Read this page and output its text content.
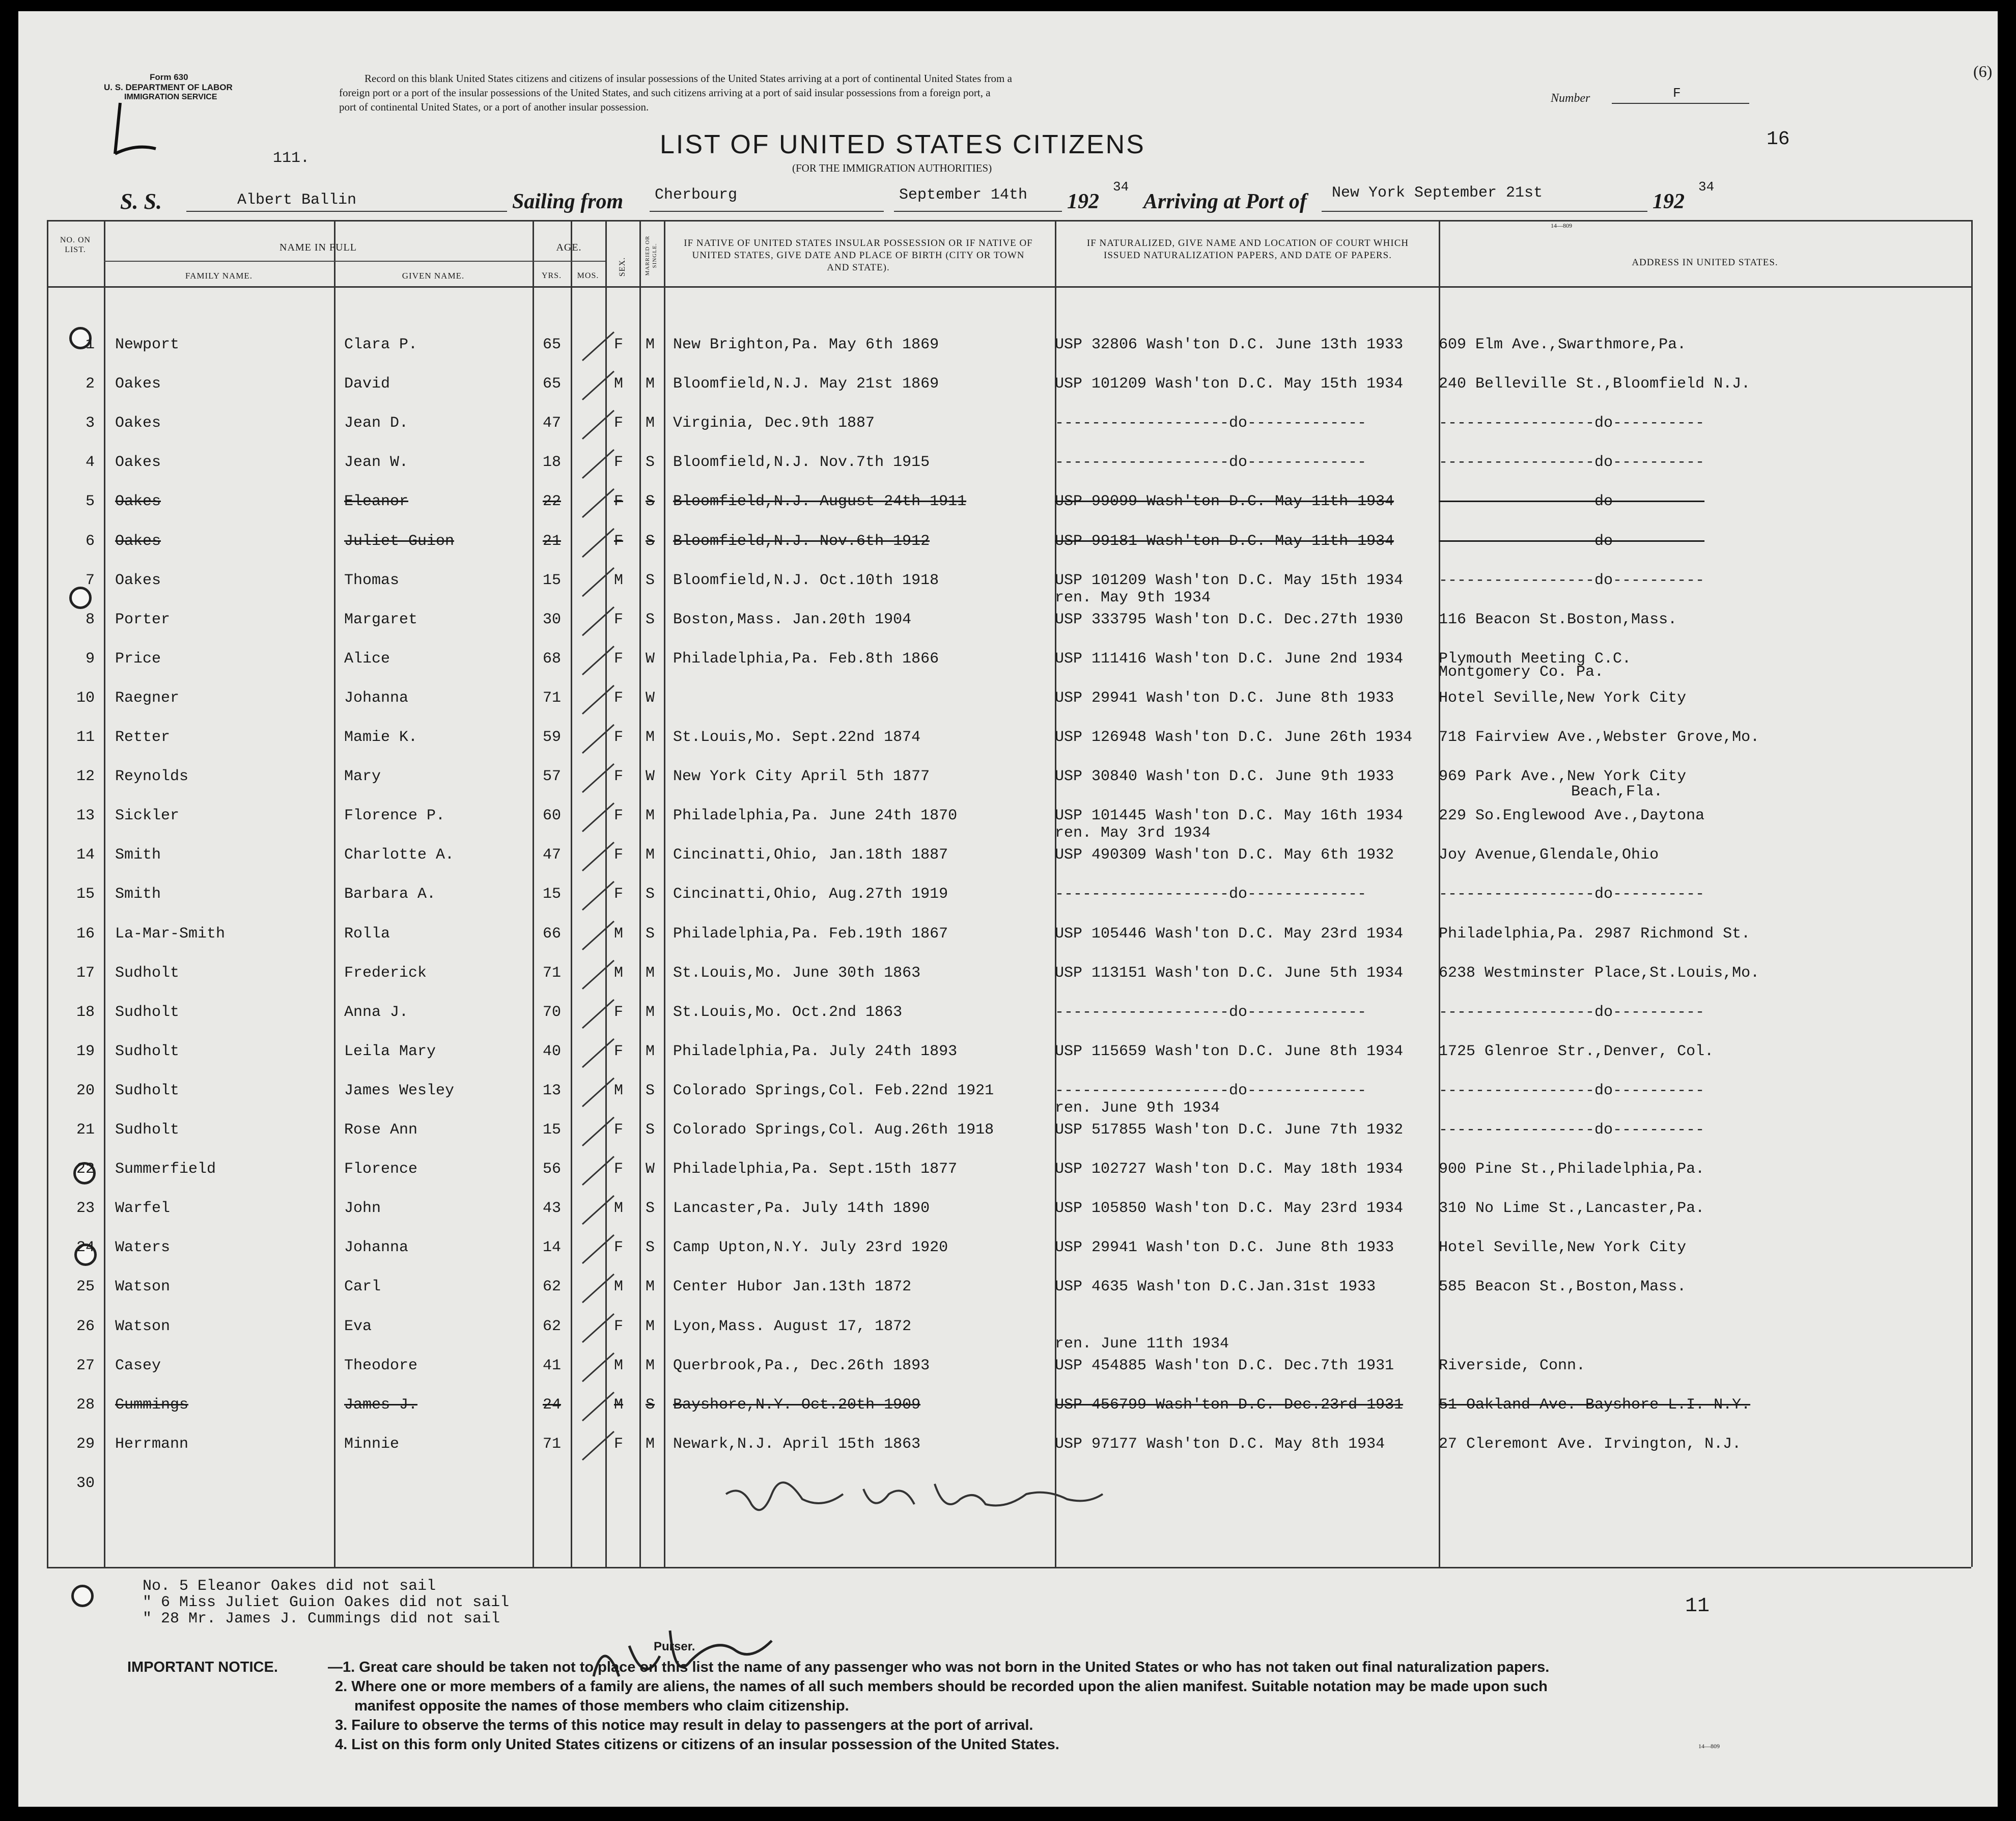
Form 630
U. S. DEPARTMENT OF LABOR
IMMIGRATION SERVICE
Record on this blank United States citizens and citizens of insular possessions of the United States arriving at a port of continental United States from a
foreign port or a port of the insular possessions of the United States, and such citizens arriving at a port of said insular possessions from a foreign port, a
port of continental United States, or a port of another insular possession.
Number	F
(6)
16
111.	LIST OF UNITED STATES CITIZENS
(FOR THE IMMIGRATION AUTHORITIES)
S. S.	Albert Ballin	Sailing from Cherbourg	September 14th 192
34
Arriving at Port of New York September 21st	192
34
14—809
NO. ON LIST.	NAME IN FULL
FAMILY NAME.	GIVEN NAME.
AGE.
YRS.	MOS.	SEX.	MARRIED OR SINGLE.
IF NATIVE OF UNITED STATES INSULAR POSSESSION OR IF NATIVE OF UNITED STATES, GIVE DATE AND PLACE OF BIRTH (CITY OR TOWN AND STATE).
IF NATURALIZED, GIVE NAME AND LOCATION OF COURT WHICH ISSUED NATURALIZATION PAPERS, AND DATE OF PAPERS.
ADDRESS IN UNITED STATES.
1 Newport	Clara P.	65	F M New Brighton,Pa. May 6th 1869	USP 32806 Wash'ton D.C. June 13th 1933 609 Elm Ave.,Swarthmore,Pa.
2 Oakes	David	65	M M Bloomfield,N.J. May 21st 1869	USP 101209 Wash'ton D.C. May 15th 1934 240 Belleville St.,Bloomfield N.J.
3 Oakes	Jean D.	47	F M Virginia, Dec.9th 1887	-------------------do-------------	-----------------do----------
4 Oakes	Jean W.	18	F S Bloomfield,N.J. Nov.7th 1915	-------------------do-------------	-----------------do----------
5 Oakes	Eleanor	22	F S Bloomfield,N.J. August 24th 1911	USP 99099 Wash'ton D.C. May 11th 1934	-----------------do----------
6 Oakes	Juliet Guion	21	F S Bloomfield,N.J. Nov.6th 1912	USP 99181 Wash'ton D.C. May 11th 1934	-----------------do----------
7 Oakes	Thomas	15	M S Bloomfield,N.J. Oct.10th 1918	USP 101209 Wash'ton D.C. May 15th 1934 -----------------do----------
ren. May 9th 1934
8 Porter	Margaret	30	F S Boston,Mass. Jan.20th 1904	USP 333795 Wash'ton D.C. Dec.27th 1930 116 Beacon St.Boston,Mass.
9 Price	Alice	68	F W Philadelphia,Pa. Feb.8th 1866	USP 111416 Wash'ton D.C. June 2nd 1934 Plymouth Meeting C.C.
Montgomery Co. Pa.
10 Raegner	Johanna	71	F W	USP 29941 Wash'ton D.C. June 8th 1933	Hotel Seville,New York City
11 Retter	Mamie K.	59	F M St.Louis,Mo. Sept.22nd 1874	USP 126948 Wash'ton D.C. June 26th 1934 718 Fairview Ave.,Webster Grove,Mo.
12 Reynolds	Mary	57	F W New York City April 5th 1877	USP 30840 Wash'ton D.C. June 9th 1933	969 Park Ave.,New York City
Beach,Fla.
13 Sickler	Florence P.	60	F M Philadelphia,Pa. June 24th 1870	USP 101445 Wash'ton D.C. May 16th 1934 229 So.Englewood Ave.,Daytona
ren. May 3rd 1934
14 Smith	Charlotte A.	47	F M Cincinatti,Ohio, Jan.18th 1887	USP 490309 Wash'ton D.C. May 6th 1932	Joy Avenue,Glendale,Ohio
15 Smith	Barbara A.	15	F S Cincinatti,Ohio, Aug.27th 1919	-------------------do-------------	-----------------do----------
16 La-Mar-Smith	Rolla	66	M S Philadelphia,Pa. Feb.19th 1867	USP 105446 Wash'ton D.C. May 23rd 1934 Philadelphia,Pa. 2987 Richmond St.
17 Sudholt	Frederick	71	M M St.Louis,Mo. June 30th 1863	USP 113151 Wash'ton D.C. June 5th 1934 6238 Westminster Place,St.Louis,Mo.
18 Sudholt	Anna J.	70	F M St.Louis,Mo. Oct.2nd 1863	-------------------do-------------	-----------------do----------
19 Sudholt	Leila Mary	40	F M Philadelphia,Pa. July 24th 1893	USP 115659 Wash'ton D.C. June 8th 1934 1725 Glenroe Str.,Denver, Col.
20 Sudholt	James Wesley	13	M S Colorado Springs,Col. Feb.22nd 1921	-------------------do-------------	-----------------do----------
ren. June 9th 1934
21 Sudholt	Rose Ann	15	F S Colorado Springs,Col. Aug.26th 1918	USP 517855 Wash'ton D.C. June 7th 1932 -----------------do----------
22 Summerfield	Florence	56	F W Philadelphia,Pa. Sept.15th 1877	USP 102727 Wash'ton D.C. May 18th 1934 900 Pine St.,Philadelphia,Pa.
23 Warfel	John	43	M S Lancaster,Pa. July 14th 1890	USP 105850 Wash'ton D.C. May 23rd 1934 310 No Lime St.,Lancaster,Pa.
24 Waters	Johanna	14	F S Camp Upton,N.Y. July 23rd 1920	USP 29941 Wash'ton D.C. June 8th 1933	Hotel Seville,New York City
25 Watson	Carl	62	M M Center Hubor Jan.13th 1872	USP 4635 Wash'ton D.C.Jan.31st 1933	585 Beacon St.,Boston,Mass.
26 Watson	Eva	62	F M Lyon,Mass. August 17, 1872
ren. June 11th 1934
27 Casey	Theodore	41	M M Querbrook,Pa., Dec.26th 1893	USP 454885 Wash'ton D.C. Dec.7th 1931	Riverside, Conn.
28 Cummings	James J.	24	M S Bayshore,N.Y. Oct.20th 1909	USP 456799 Wash'ton D.C. Dec.23rd 1931 51 Oakland Ave. Bayshore L.I. N.Y.
29 Herrmann	Minnie	71	F M Newark,N.J. April 15th 1863	USP 97177 Wash'ton D.C. May 8th 1934	27 Cleremont Ave. Irvington, N.J.
30
Purser.
No. 5 Eleanor Oakes did not sail
" 6 Miss Juliet Guion Oakes did not sail
" 28 Mr. James J. Cummings did not sail
11
IMPORTANT NOTICE.	—1. Great care should be taken not to place on this list the name of any passenger who was not born in the United States or who has not taken out final naturalization papers.
2. Where one or more members of a family are aliens, the names of all such members should be recorded upon the alien manifest. Suitable notation may be made upon such
manifest opposite the names of those members who claim citizenship.
3. Failure to observe the terms of this notice may result in delay to passengers at the port of arrival.
4. List on this form only United States citizens or citizens of an insular possession of the United States.	14—809
